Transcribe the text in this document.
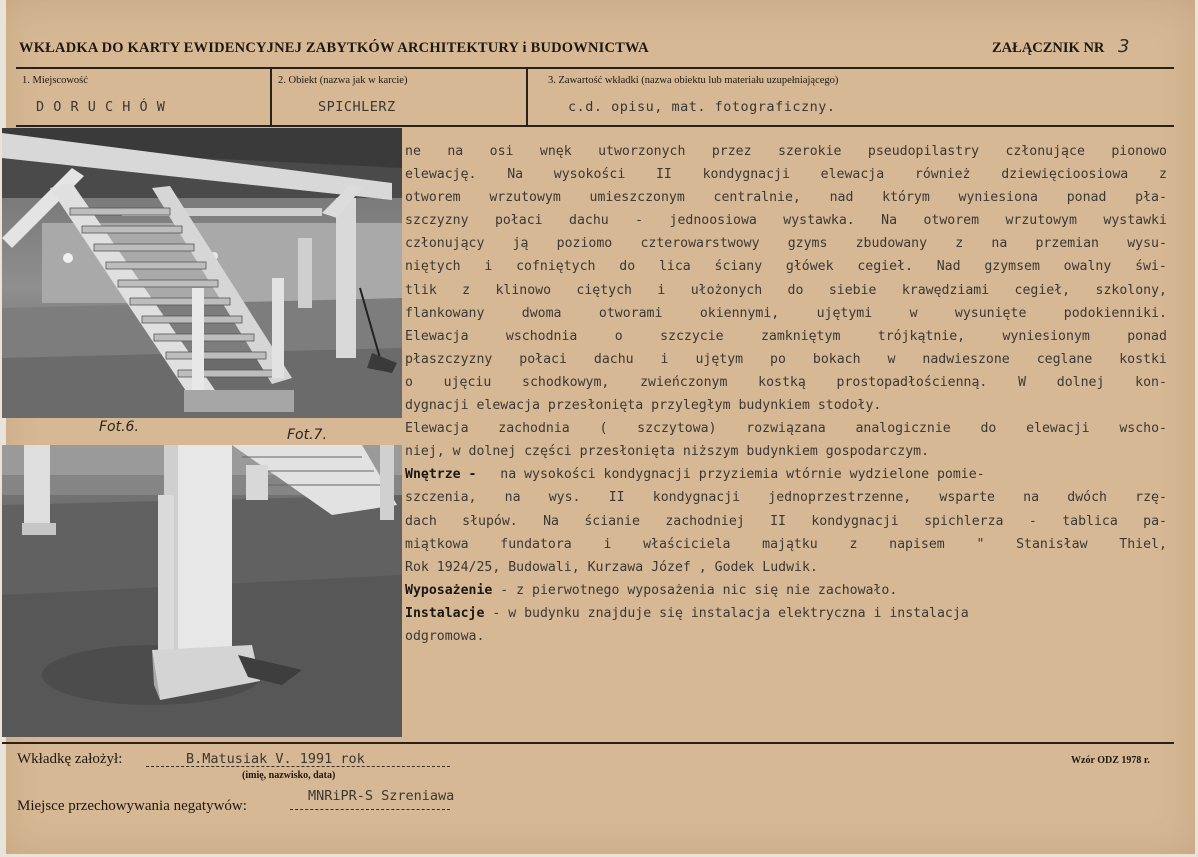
WKŁADKA DO KARTY EWIDENCYJNEJ ZABYTKÓW ARCHITEKTURY i BUDOWNICTWA	ZAŁĄCZNIK NR 3
1. Miejscowość
D O R U C H Ó W
2. Obiekt (nazwa jak w karcie)
SPICHLERZ
3. Zawartość wkładki (nazwa obiektu lub materiału uzupełniającego)
c.d. opisu, mat. fotograficzny.
Fot.6.	Fot.7.
ne na osi wnęk utworzonych przez szerokie pseudopilastry członujące pionowo
elewację. Na wysokości II kondygnacji elewacja również dziewięcioosiowa z
otworem wrzutowym umieszczonym centralnie, nad którym wyniesiona ponad pła-
szczyzny połaci dachu - jednoosiowa wystawka. Na otworem wrzutowym wystawki
członujący ją poziomo czterowarstwowy gzyms zbudowany z na przemian wysu-
niętych i cofniętych do lica ściany główek cegieł. Nad gzymsem owalny świ-
tlik z klinowo ciętych i ułożonych do siebie krawędziami cegieł, szkolony,
flankowany	dwoma	otworami	okiennymi,	ujętymi	w	wysunięte	podokienniki.
Elewacja	wschodnia	o	szczycie	zamkniętym	trójkątnie,	wyniesionym	ponad
płaszczyzny połaci dachu i ujętym po bokach w nadwieszone ceglane kostki
o ujęciu schodkowym, zwieńczonym kostką prostopadłościenną. W dolnej kon-
dygnacji elewacja przesłonięta przyległym budynkiem stodoły.
Elewacja zachodnia ( szczytowa) rozwiązana analogicznie do elewacji wscho-
niej, w dolnej części przesłonięta niższym budynkiem gospodarczym.
Wnętrze -
na wysokości kondygnacji przyziemia wtórnie wydzielone pomie-
szczenia, na wys. II kondygnacji jednoprzestrzenne, wsparte na dwóch rzę-
dach słupów. Na ścianie zachodniej II kondygnacji spichlerza - tablica pa-
miątkowa fundatora i właściciela majątku z napisem " Stanisław Thiel,
Rok 1924/25, Budowali, Kurzawa Józef , Godek Ludwik.
Wyposażenie
- z pierwotnego wyposażenia nic się nie zachowało.
Instalacje
- w budynku znajduje się instalacja elektryczna i instalacja
odgromowa.
Wkładkę założył:	B.Matusiak V. 1991 rok
(imię, nazwisko, data)
Wzór ODZ 1978 r.
Miejsce przechowywania negatywów:
MNRiPR-S Szreniawa
